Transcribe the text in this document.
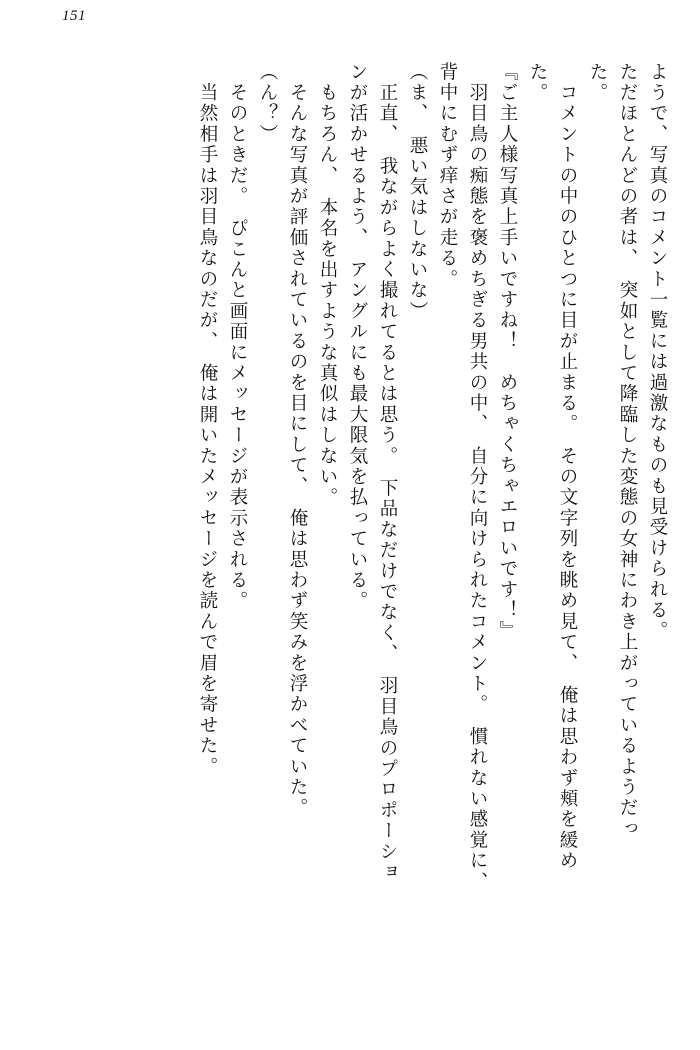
151
ようで、写真のコメント一覧には過激なものも見受けられる。
ただほとんどの者は、　突如として降臨した変態の女神にわき上がっているようだっ
た。
　コメントの中のひとつに目が止まる。　その文字列を眺め見て、　俺は思わず頬を緩め
た。
『ご主人様写真上手いですね！　めちゃくちゃエロいです！』
　羽目鳥の痴態を褒めちぎる男共の中、　自分に向けられたコメント。　慣れない感覚に、
背中にむず痒さが走る。
（ま、　悪い気はしないな）
　正直、　我ながらよく撮れてるとは思う。　下品なだけでなく、　羽目鳥のプロポーショ
ンが活かせるよう、　アングルにも最大限気を払っている。
　もちろん、　本名を出すような真似はしない。
　そんな写真が評価されているのを目にして、　俺は思わず笑みを浮かべていた。
（ん？）
　そのときだ。　ぴこんと画面にメッセージが表示される。
　当然相手は羽目鳥なのだが、　俺は開いたメッセージを読んで眉を寄せた。
